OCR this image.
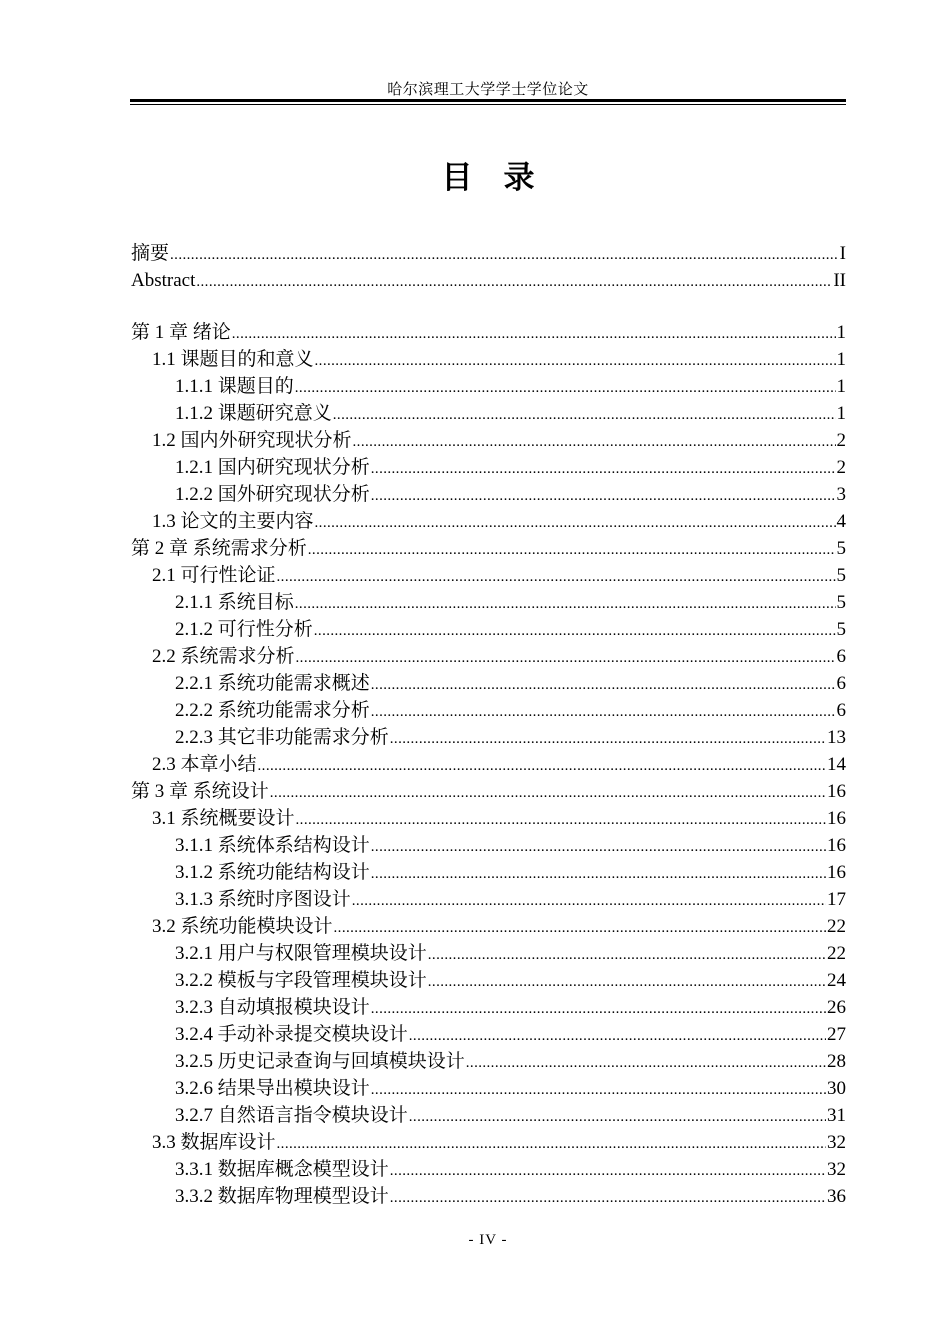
哈尔滨理工大学学士学位论文
目　录
摘要 .....	I
Abstract .....	II
第 1 章 绪论 .....	1
1.1 课题目的和意义 .....	1
1.1.1 课题目的 .....	1
1.1.2 课题研究意义 .....	1
1.2 国内外研究现状分析 .....	2
1.2.1 国内研究现状分析 .....	2
1.2.2 国外研究现状分析 .....	3
1.3 论文的主要内容 .....	4
第 2 章 系统需求分析 .....	5
2.1 可行性论证 .....	5
2.1.1 系统目标 .....	5
2.1.2 可行性分析 .....	5
2.2 系统需求分析 .....	6
2.2.1 系统功能需求概述 .....	6
2.2.2 系统功能需求分析 .....	6
2.2.3 其它非功能需求分析 .....	13
2.3 本章小结 .....	14
第 3 章 系统设计 .....	16
3.1 系统概要设计 .....	16
3.1.1 系统体系结构设计 .....	16
3.1.2 系统功能结构设计 .....	16
3.1.3 系统时序图设计 .....	17
3.2 系统功能模块设计 .....	22
3.2.1 用户与权限管理模块设计 .....	22
3.2.2 模板与字段管理模块设计 .....	24
3.2.3 自动填报模块设计 .....	26
3.2.4 手动补录提交模块设计 .....	27
3.2.5 历史记录查询与回填模块设计 .....	28
3.2.6 结果导出模块设计 .....	30
3.2.7 自然语言指令模块设计 .....	31
3.3 数据库设计 .....	32
3.3.1 数据库概念模型设计 .....	32
3.3.2 数据库物理模型设计 .....	36
- IV -
